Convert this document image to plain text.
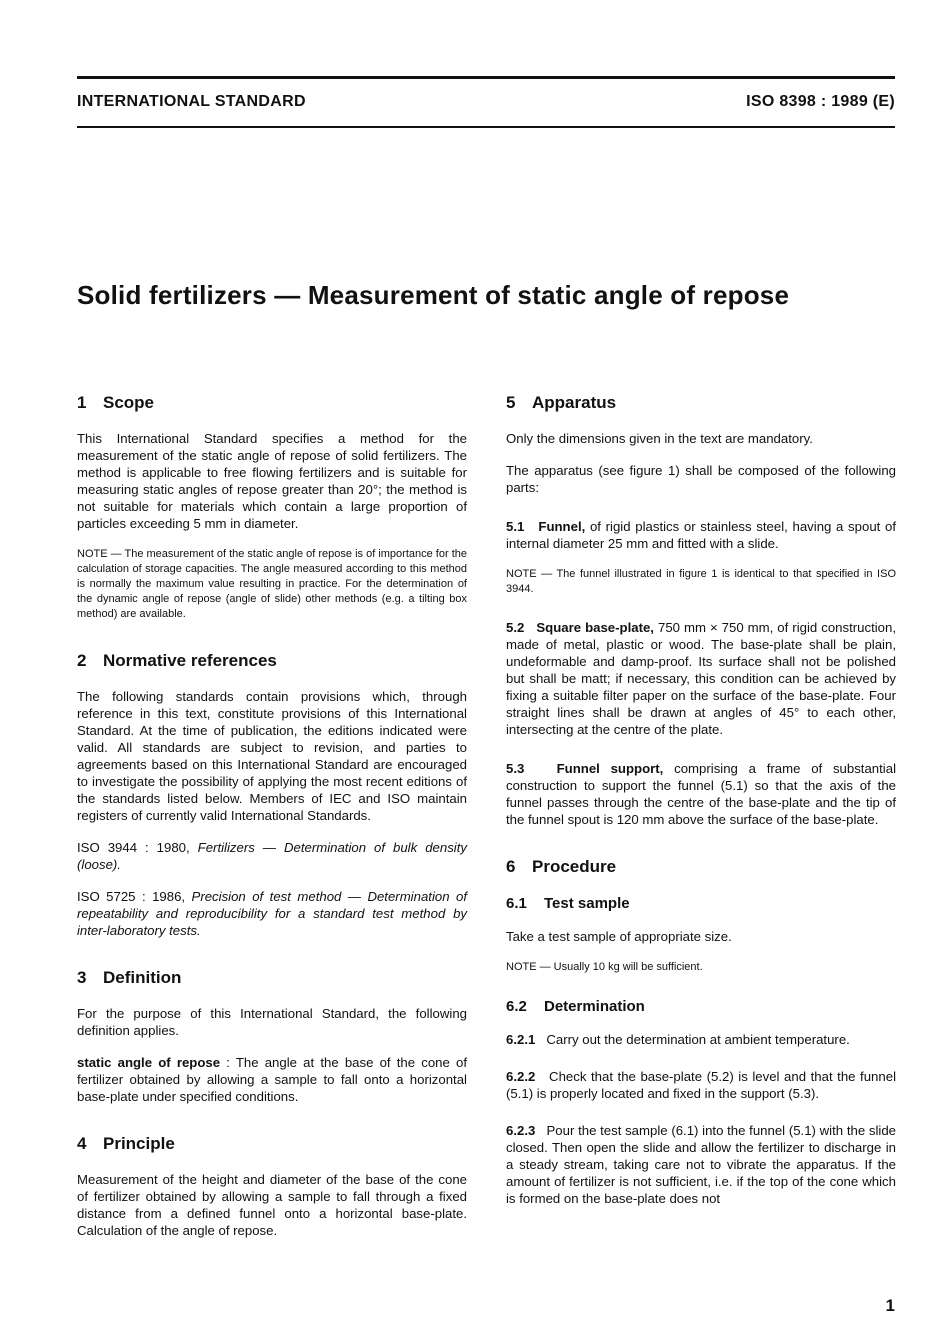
INTERNATIONAL STANDARD	ISO 8398 : 1989 (E)
Solid fertilizers — Measurement of static angle of repose
1 Scope

This International Standard specifies a method for the measurement of the static angle of repose of solid fertilizers. The method is applicable to free flowing fertilizers and is suitable for measuring static angles of repose greater than 20°; the method is not suitable for materials which contain a large proportion of particles exceeding 5 mm in diameter.

NOTE — The measurement of the static angle of repose is of importance for the calculation of storage capacities. The angle measured according to this method is normally the maximum value resulting in practice. For the determination of the dynamic angle of repose (angle of slide) other methods (e.g. a tilting box method) are available.

2 Normative references

The following standards contain provisions which, through reference in this text, constitute provisions of this International Standard. At the time of publication, the editions indicated were valid. All standards are subject to revision, and parties to agreements based on this International Standard are encouraged to investigate the possibility of applying the most recent editions of the standards listed below. Members of IEC and ISO maintain registers of currently valid International Standards.

ISO 3944 : 1980, Fertilizers — Determination of bulk density (loose).

ISO 5725 : 1986, Precision of test method — Determination of repeatability and reproducibility for a standard test method by inter-laboratory tests.

3 Definition

For the purpose of this International Standard, the following definition applies.

static angle of repose : The angle at the base of the cone of fertilizer obtained by allowing a sample to fall onto a horizontal base-plate under specified conditions.

4 Principle

Measurement of the height and diameter of the base of the cone of fertilizer obtained by allowing a sample to fall through a fixed distance from a defined funnel onto a horizontal base-plate. Calculation of the angle of repose.

5 Apparatus

Only the dimensions given in the text are mandatory.

The apparatus (see figure 1) shall be composed of the following parts:

5.1 Funnel, of rigid plastics or stainless steel, having a spout of internal diameter 25 mm and fitted with a slide.

NOTE — The funnel illustrated in figure 1 is identical to that specified in ISO 3944.

5.2 Square base-plate, 750 mm × 750 mm, of rigid construction, made of metal, plastic or wood. The base-plate shall be plain, undeformable and damp-proof. Its surface shall not be polished but shall be matt; if necessary, this condition can be achieved by fixing a suitable filter paper on the surface of the base-plate. Four straight lines shall be drawn at angles of 45° to each other, intersecting at the centre of the plate.

5.3 Funnel support, comprising a frame of substantial construction to support the funnel (5.1) so that the axis of the funnel passes through the centre of the base-plate and the tip of the funnel spout is 120 mm above the surface of the base-plate.

6 Procedure
6.1 Test sample

Take a test sample of appropriate size.

NOTE — Usually 10 kg will be sufficient.

6.2 Determination

6.2.1 Carry out the determination at ambient temperature.

6.2.2 Check that the base-plate (5.2) is level and that the funnel (5.1) is properly located and fixed in the support (5.3).

6.2.3 Pour the test sample (6.1) into the funnel (5.1) with the slide closed. Then open the slide and allow the fertilizer to discharge in a steady stream, taking care not to vibrate the apparatus. If the amount of fertilizer is not sufficient, i.e. if the top of the cone which is formed on the base-plate does not

1
